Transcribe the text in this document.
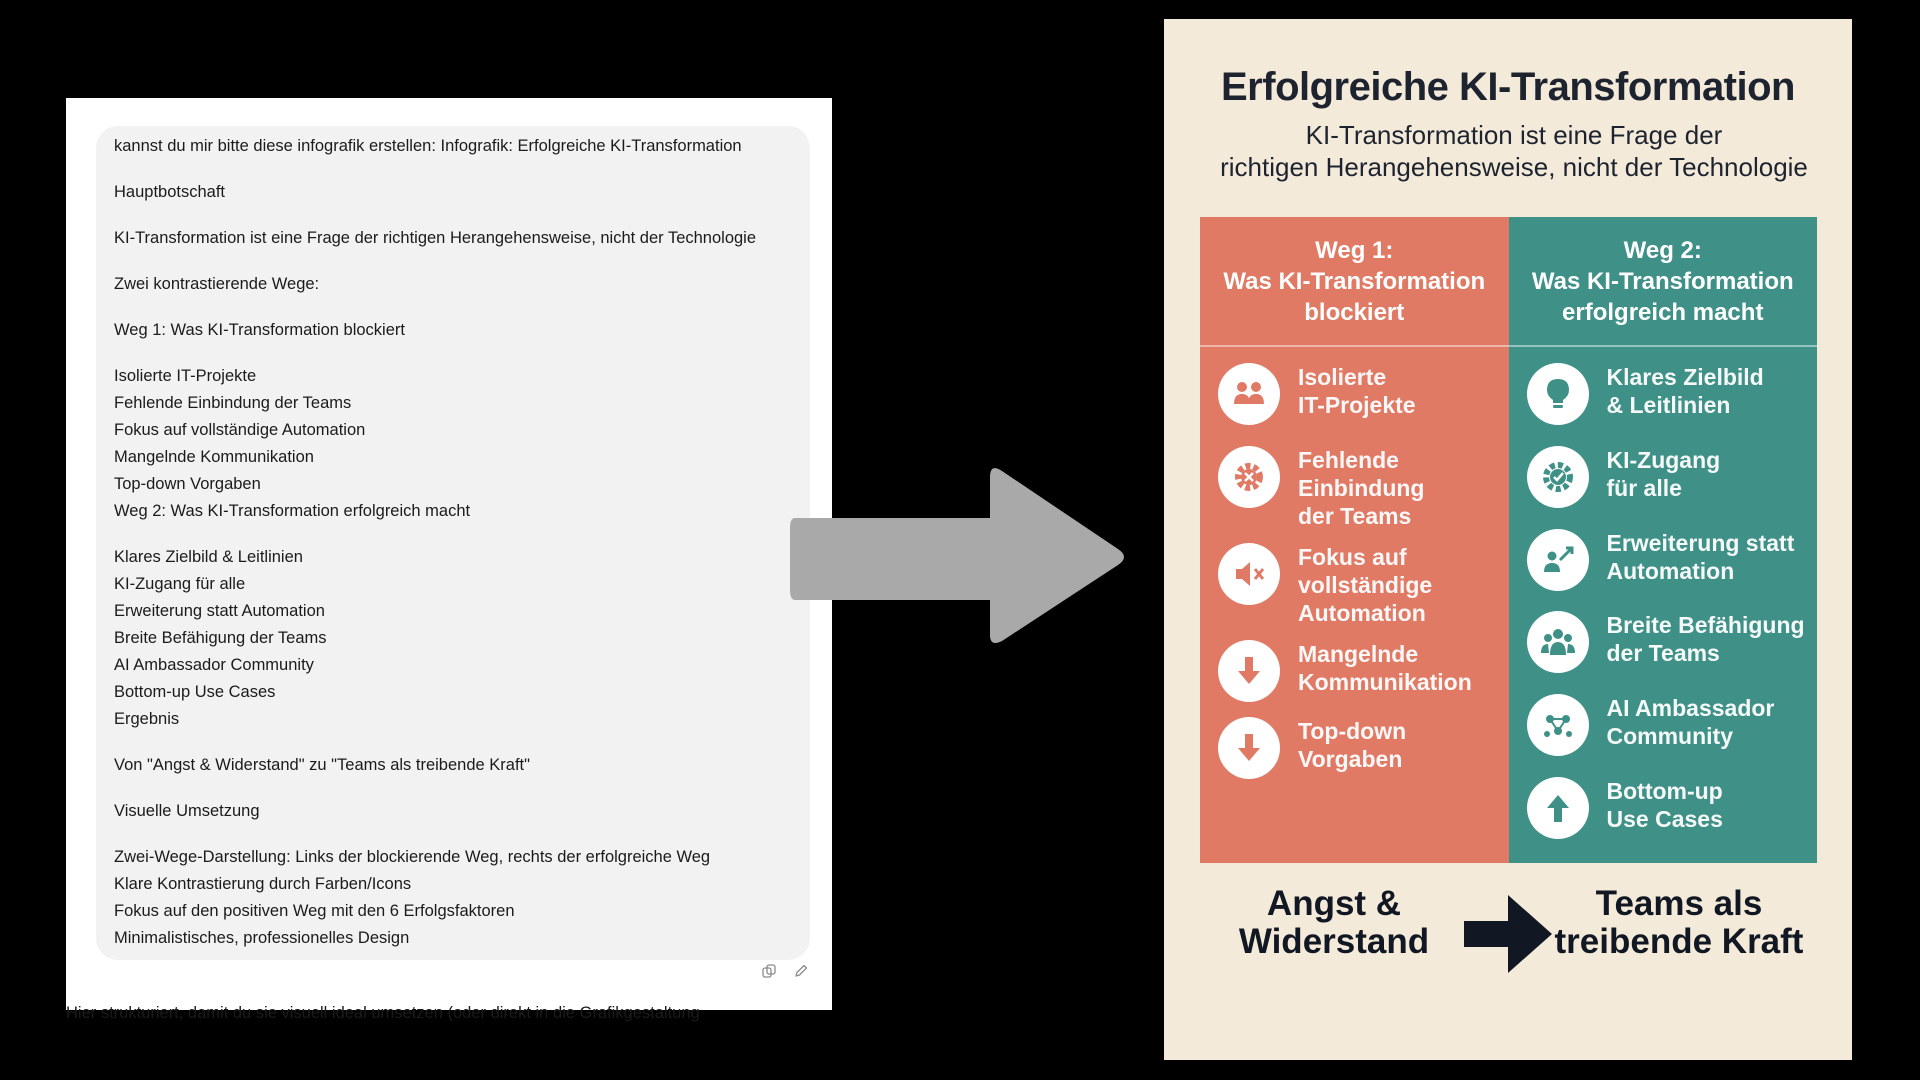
kannst du mir bitte diese infografik erstellen: Infografik: Erfolgreiche KI-Transformation
Hauptbotschaft
KI-Transformation ist eine Frage der richtigen Herangehensweise, nicht der Technologie
Zwei kontrastierende Wege:
Weg 1: Was KI-Transformation blockiert
Isolierte IT-Projekte
Fehlende Einbindung der Teams
Fokus auf vollständige Automation
Mangelnde Kommunikation
Top-down Vorgaben
Weg 2: Was KI-Transformation erfolgreich macht
Klares Zielbild & Leitlinien
KI-Zugang für alle
Erweiterung statt Automation
Breite Befähigung der Teams
AI Ambassador Community
Bottom-up Use Cases
Ergebnis
Von "Angst & Widerstand" zu "Teams als treibende Kraft"
Visuelle Umsetzung
Zwei-Wege-Darstellung: Links der blockierende Weg, rechts der erfolgreiche Weg
Klare Kontrastierung durch Farben/Icons
Fokus auf den positiven Weg mit den 6 Erfolgsfaktoren
Minimalistisches, professionelles Design
Hier strukturiert, damit du sie visuell ideal umsetzen (oder direkt in die Grafikgestaltung
Erfolgreiche KI-Transformation
KI-Transformation ist eine Frage der
richtigen Herangehensweise, nicht der Technologie
Weg 1:
Was KI-Transformation
blockiert
Isolierte
IT-Projekte
Fehlende
Einbindung
der Teams
Fokus auf
vollständige
Automation
Mangelnde
Kommunikation
Top-down
Vorgaben
Weg 2:
Was KI-Transformation
erfolgreich macht
Klares Zielbild
& Leitlinien
KI-Zugang
für alle
Erweiterung statt
Automation
Breite Befähigung
der Teams
AI Ambassador
Community
Bottom-up
Use Cases
Angst &
Widerstand
Teams als
treibende Kraft
